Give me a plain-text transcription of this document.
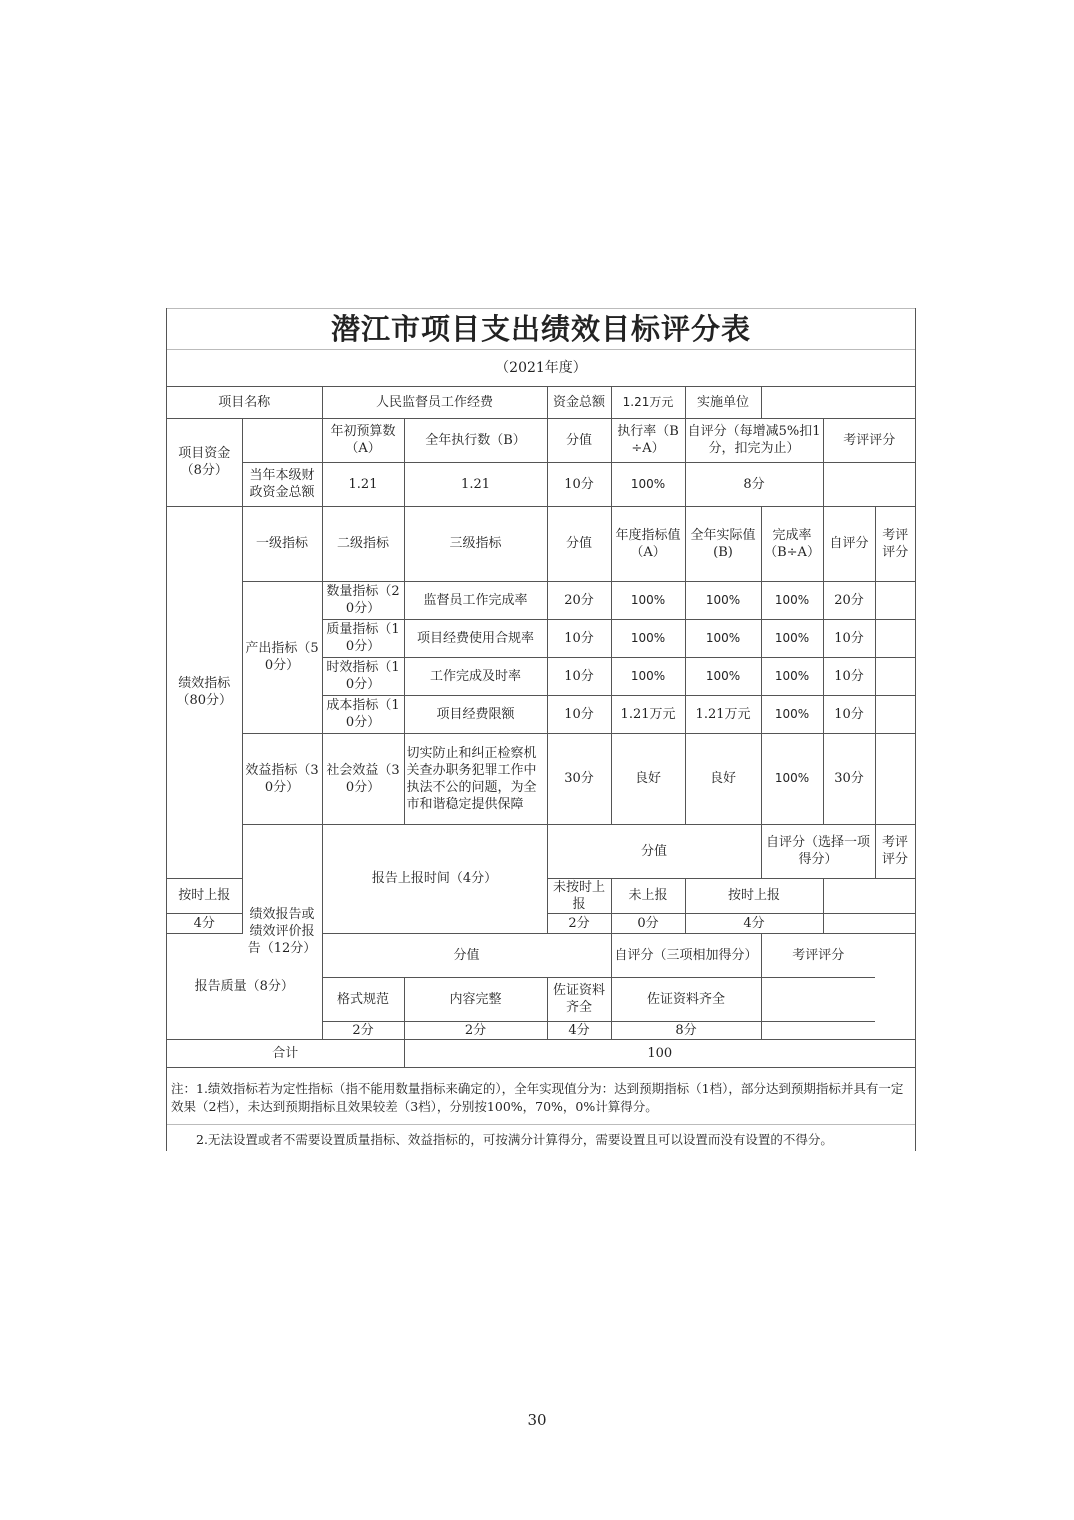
潜江市项目支出绩效目标评分表
（2021年度）
项目名称		人民监督员工作经费		资金总额	1.21万元	实施单位				
项目资金（8分）		年初预算数（A）	全年执行数（B）	分值	执行率（B÷A）	自评分（每增减5%扣1分，扣完为止）		考评评分		
	当年本级财政资金总额	1.21	1.21	10分	100%	8分				
绩效指标（80分）	一级指标	二级指标	三级指标	分值	年度指标值（A）	全年实际值(B)	完成率（B÷A）	自评分	考评评分	
	产出指标（50分）	数量指标（20分）	监督员工作完成率	20分	100%	100%	100%	20分		
		质量指标（10分）	项目经费使用合规率	10分	100%	100%	100%	10分		
		时效指标（10分）	工作完成及时率	10分	100%	100%	100%	10分		
		成本指标（10分）	项目经费限额	10分	1.21万元	1.21万元	100%	10分		
	效益指标（30分）	社会效益（30分）	切实防止和纠正检察机关查办职务犯罪工作中执法不公的问题，为全市和谐稳定提供保障	30分	良好	良好	100%	30分		
	绩效报告或绩效评价报告（12分）	报告上报时间（4分）		分值			自评分（选择一项得分）		考评评分	
按时上报				未按时上报	未上报	按时上报				
4分				2分	0分	4分				
报告质量（8分）		分值			自评分（三项相加得分）		考评评分			
		格式规范	内容完整	佐证资料齐全	佐证资料齐全					
		2分	2分	4分	8分					
合计			100							
注：1.绩效指标若为定性指标（指不能用数量指标来确定的），全年实现值分为：达到预期指标（1档），部分达到预期指标并具有一定效果（2档），未达到预期指标且效果较差（3档），分别按100%，70%，0%计算得分。
2.无法设置或者不需要设置质量指标、效益指标的，可按满分计算得分，需要设置且可以设置而没有设置的不得分。
30
